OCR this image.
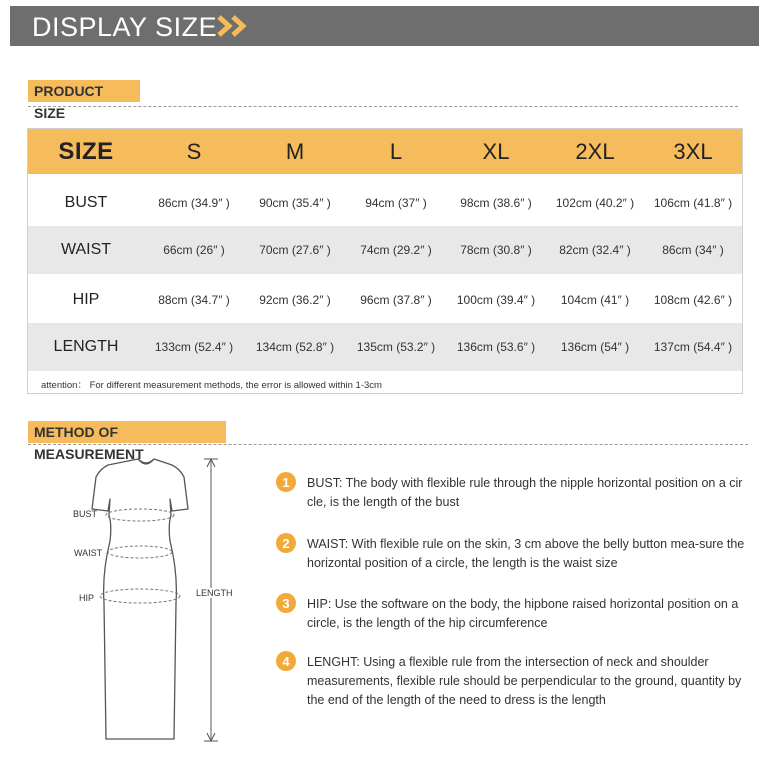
DISPLAY SIZE
PRODUCT SIZE
SIZE	S	M	L	XL	2XL	3XL
BUST	86cm (34.9″ )	90cm (35.4″ )	94cm (37″ )	98cm (38.6″ )	102cm (40.2″ )	106cm (41.8″ )
WAIST	66cm (26″ )	70cm (27.6″ )	74cm (29.2″ )	78cm (30.8″ )	82cm (32.4″ )	86cm (34″ )
HIP	88cm (34.7″ )	92cm (36.2″ )	96cm (37.8″ )	100cm (39.4″ )	104cm (41″ )	108cm (42.6″ )
LENGTH	133cm (52.4″ )	134cm (52.8″ )	135cm (53.2″ )	136cm (53.6″ )	136cm (54″ )	137cm (54.4″ )
attention： For different measurement methods, the error is allowed within 1-3cm
METHOD OF MEASUREMENT
BUST
WAIST
HIP	LENGTH
1	BUST: The body with flexible rule through the nipple horizontal position on a cir cle, is the length of the bust
2	WAIST: With flexible rule on the skin, 3 cm above the belly button mea-sure the horizontal position of a circle, the length is the waist size
3	HIP: Use the software on the body, the hipbone raised horizontal position on a circle, is the length of the hip circumference
4	LENGHT: Using a flexible rule from the intersection of neck and shoulder measurements, flexible rule should be perpendicular to the ground, quantity by the end of the length of the need to dress is the length
